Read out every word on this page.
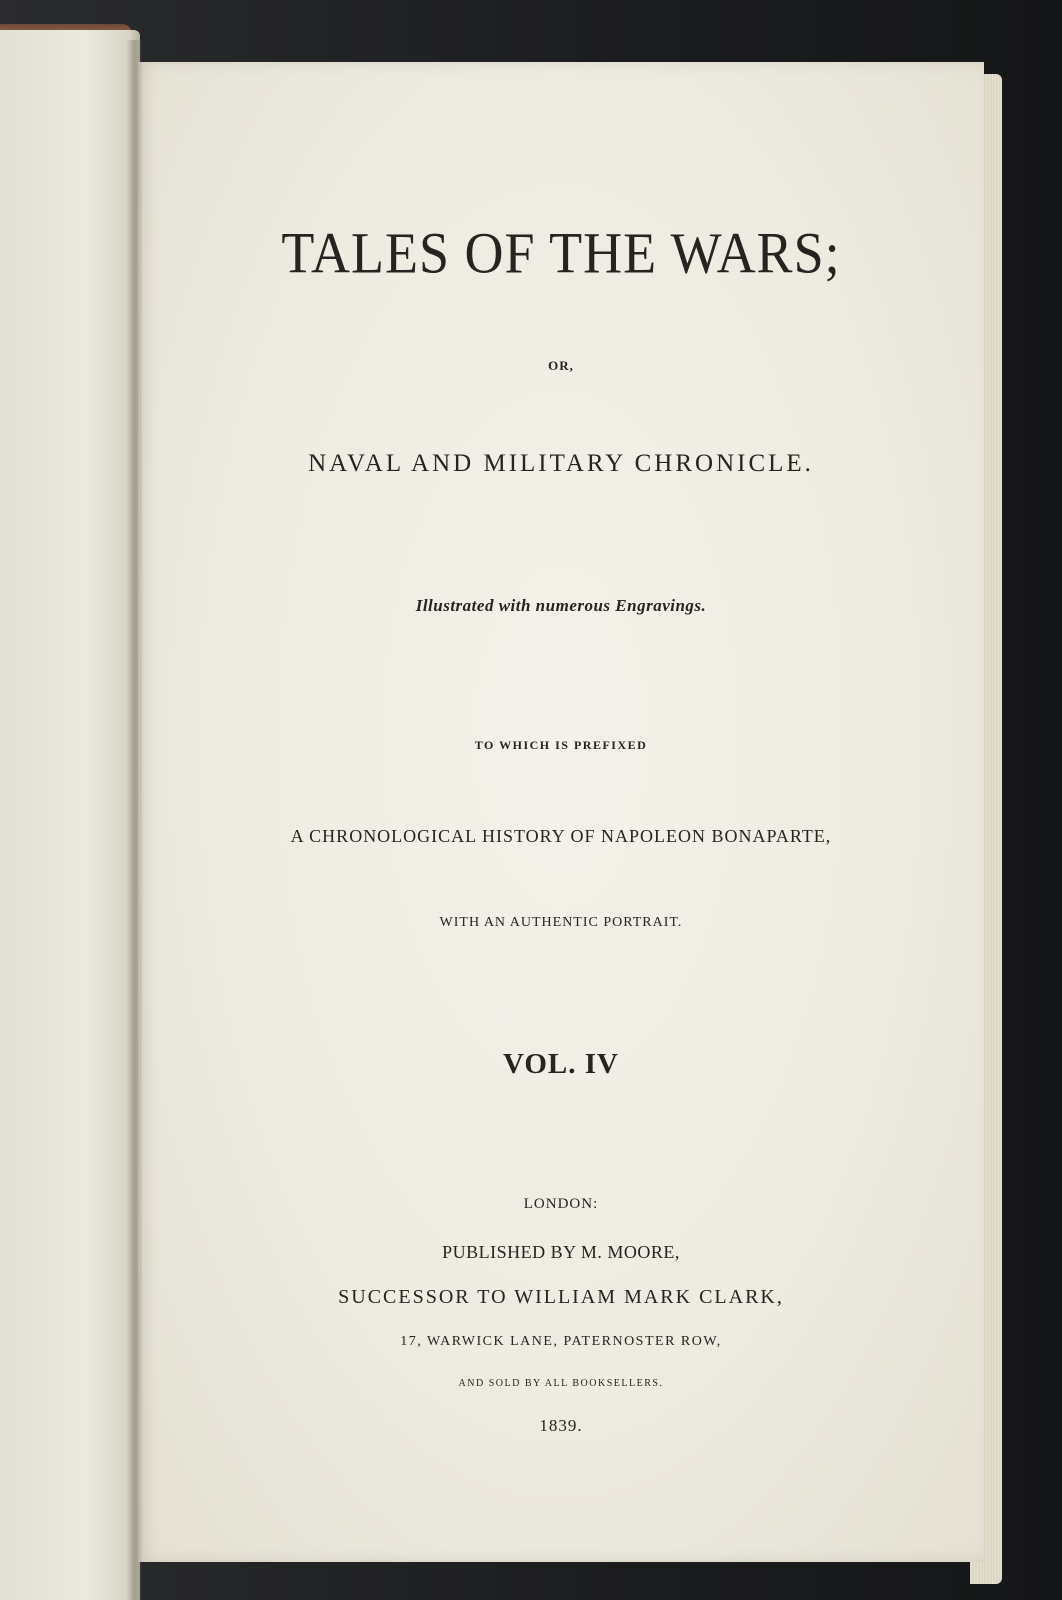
TALES OF THE WARS;
OR,
NAVAL AND MILITARY CHRONICLE.
Illustrated with numerous Engravings.
TO WHICH IS PREFIXED
A CHRONOLOGICAL HISTORY OF NAPOLEON BONAPARTE,
WITH AN AUTHENTIC PORTRAIT.
VOL. IV
LONDON:
PUBLISHED BY M. MOORE,
SUCCESSOR TO WILLIAM MARK CLARK,
17, WARWICK LANE, PATERNOSTER ROW,
AND SOLD BY ALL BOOKSELLERS.
1839.
